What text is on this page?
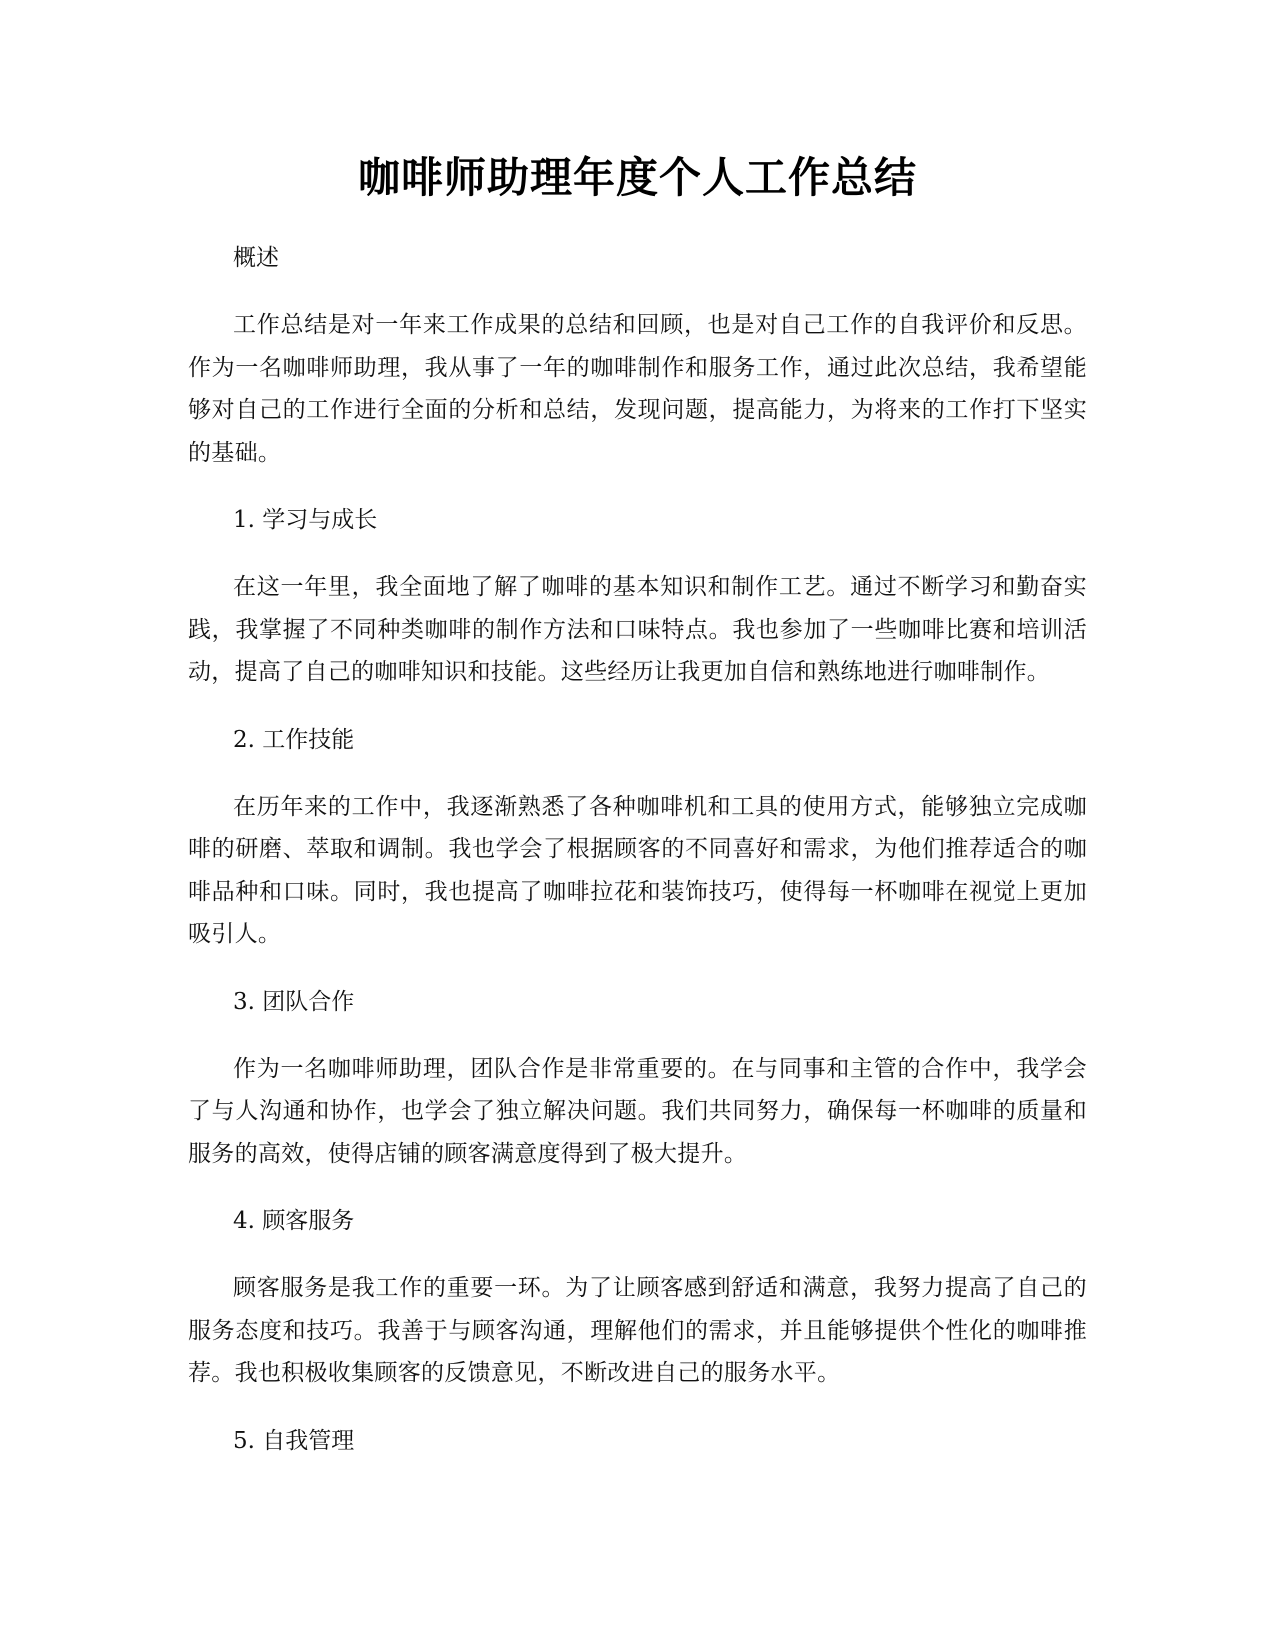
咖啡师助理年度个人工作总结
概述

工作总结是对一年来工作成果的总结和回顾，也是对自己工作的自我评价和反思。作为一名咖啡师助理，我从事了一年的咖啡制作和服务工作，通过此次总结，我希望能够对自己的工作进行全面的分析和总结，发现问题，提高能力，为将来的工作打下坚实的基础。

1. 学习与成长

在这一年里，我全面地了解了咖啡的基本知识和制作工艺。通过不断学习和勤奋实践，我掌握了不同种类咖啡的制作方法和口味特点。我也参加了一些咖啡比赛和培训活动，提高了自己的咖啡知识和技能。这些经历让我更加自信和熟练地进行咖啡制作。

2. 工作技能

在历年来的工作中，我逐渐熟悉了各种咖啡机和工具的使用方式，能够独立完成咖啡的研磨、萃取和调制。我也学会了根据顾客的不同喜好和需求，为他们推荐适合的咖啡品种和口味。同时，我也提高了咖啡拉花和装饰技巧，使得每一杯咖啡在视觉上更加吸引人。

3. 团队合作

作为一名咖啡师助理，团队合作是非常重要的。在与同事和主管的合作中，我学会了与人沟通和协作，也学会了独立解决问题。我们共同努力，确保每一杯咖啡的质量和服务的高效，使得店铺的顾客满意度得到了极大提升。

4. 顾客服务

顾客服务是我工作的重要一环。为了让顾客感到舒适和满意，我努力提高了自己的服务态度和技巧。我善于与顾客沟通，理解他们的需求，并且能够提供个性化的咖啡推荐。我也积极收集顾客的反馈意见，不断改进自己的服务水平。

5. 自我管理
